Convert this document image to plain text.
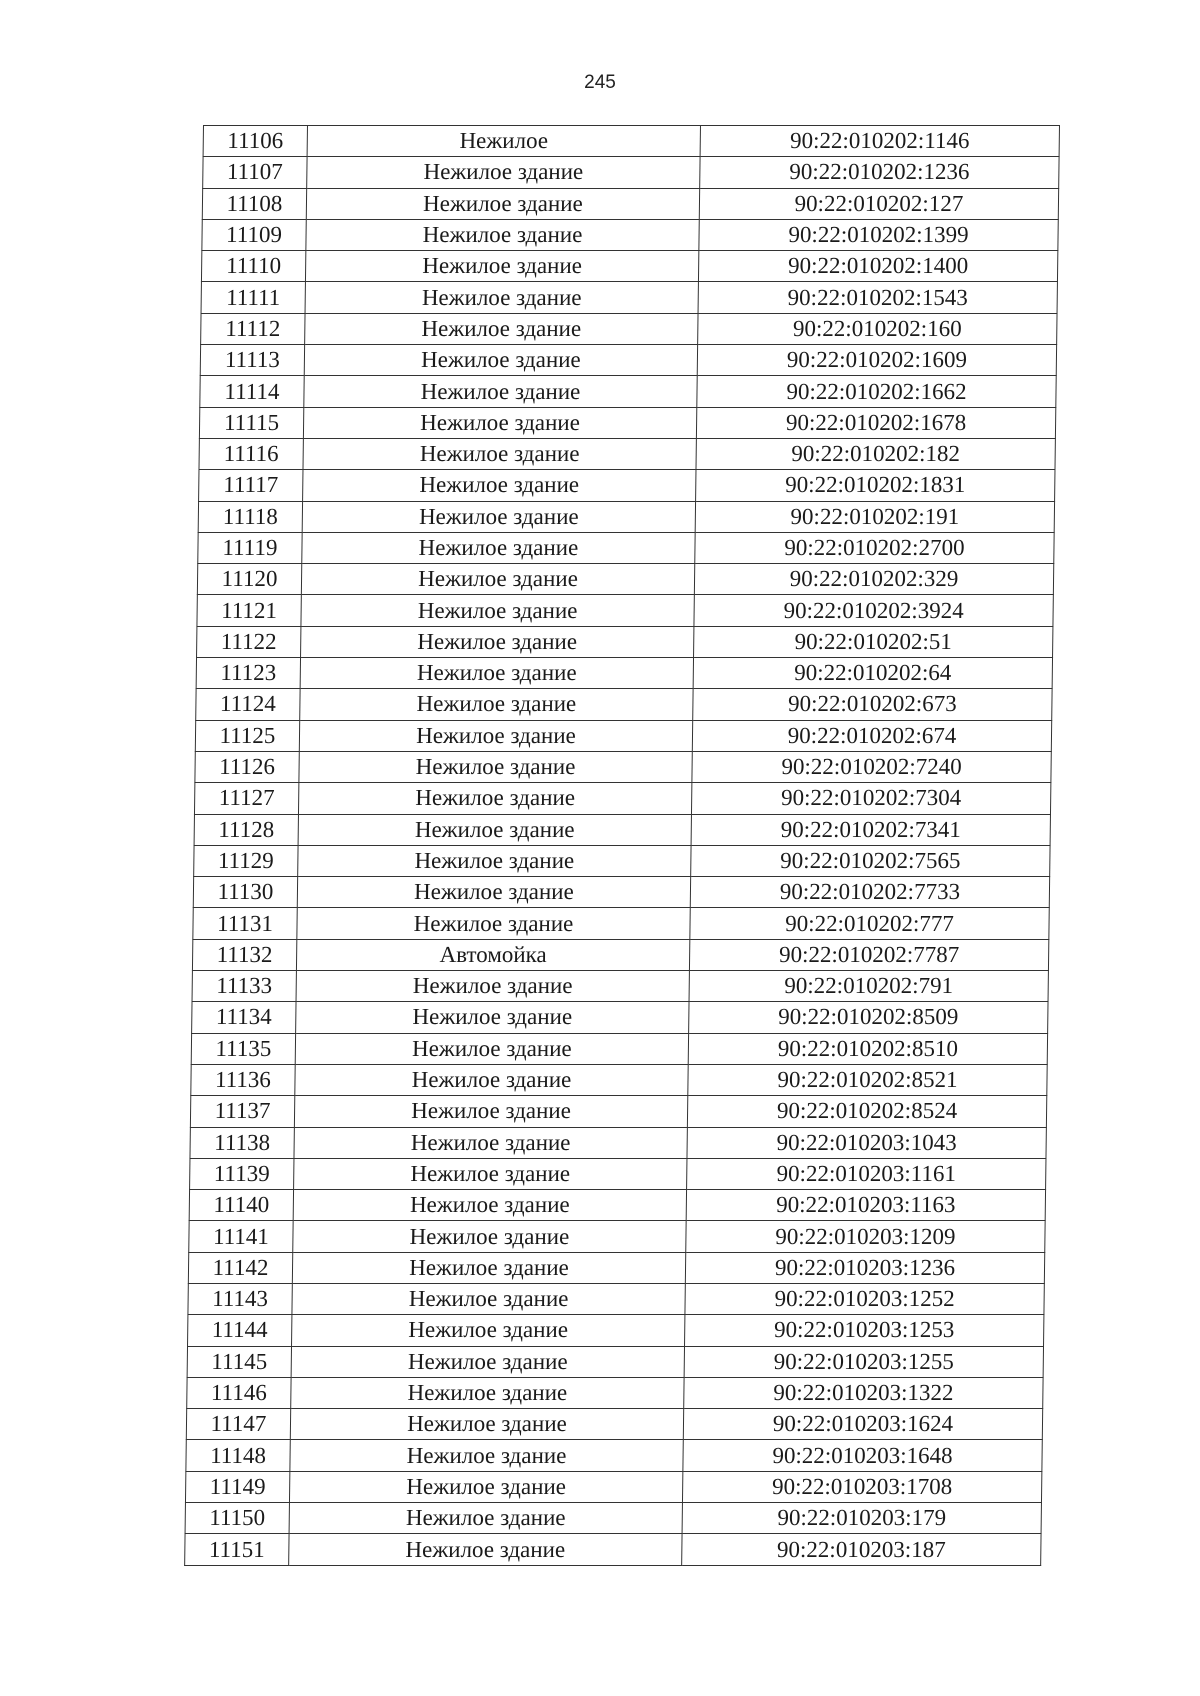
245
11106	Нежилое	90:22:010202:1146
11107	Нежилое здание	90:22:010202:1236
11108	Нежилое здание	90:22:010202:127
11109	Нежилое здание	90:22:010202:1399
11110	Нежилое здание	90:22:010202:1400
11111	Нежилое здание	90:22:010202:1543
11112	Нежилое здание	90:22:010202:160
11113	Нежилое здание	90:22:010202:1609
11114	Нежилое здание	90:22:010202:1662
11115	Нежилое здание	90:22:010202:1678
11116	Нежилое здание	90:22:010202:182
11117	Нежилое здание	90:22:010202:1831
11118	Нежилое здание	90:22:010202:191
11119	Нежилое здание	90:22:010202:2700
11120	Нежилое здание	90:22:010202:329
11121	Нежилое здание	90:22:010202:3924
11122	Нежилое здание	90:22:010202:51
11123	Нежилое здание	90:22:010202:64
11124	Нежилое здание	90:22:010202:673
11125	Нежилое здание	90:22:010202:674
11126	Нежилое здание	90:22:010202:7240
11127	Нежилое здание	90:22:010202:7304
11128	Нежилое здание	90:22:010202:7341
11129	Нежилое здание	90:22:010202:7565
11130	Нежилое здание	90:22:010202:7733
11131	Нежилое здание	90:22:010202:777
11132	Автомойка	90:22:010202:7787
11133	Нежилое здание	90:22:010202:791
11134	Нежилое здание	90:22:010202:8509
11135	Нежилое здание	90:22:010202:8510
11136	Нежилое здание	90:22:010202:8521
11137	Нежилое здание	90:22:010202:8524
11138	Нежилое здание	90:22:010203:1043
11139	Нежилое здание	90:22:010203:1161
11140	Нежилое здание	90:22:010203:1163
11141	Нежилое здание	90:22:010203:1209
11142	Нежилое здание	90:22:010203:1236
11143	Нежилое здание	90:22:010203:1252
11144	Нежилое здание	90:22:010203:1253
11145	Нежилое здание	90:22:010203:1255
11146	Нежилое здание	90:22:010203:1322
11147	Нежилое здание	90:22:010203:1624
11148	Нежилое здание	90:22:010203:1648
11149	Нежилое здание	90:22:010203:1708
11150	Нежилое здание	90:22:010203:179
11151	Нежилое здание	90:22:010203:187
